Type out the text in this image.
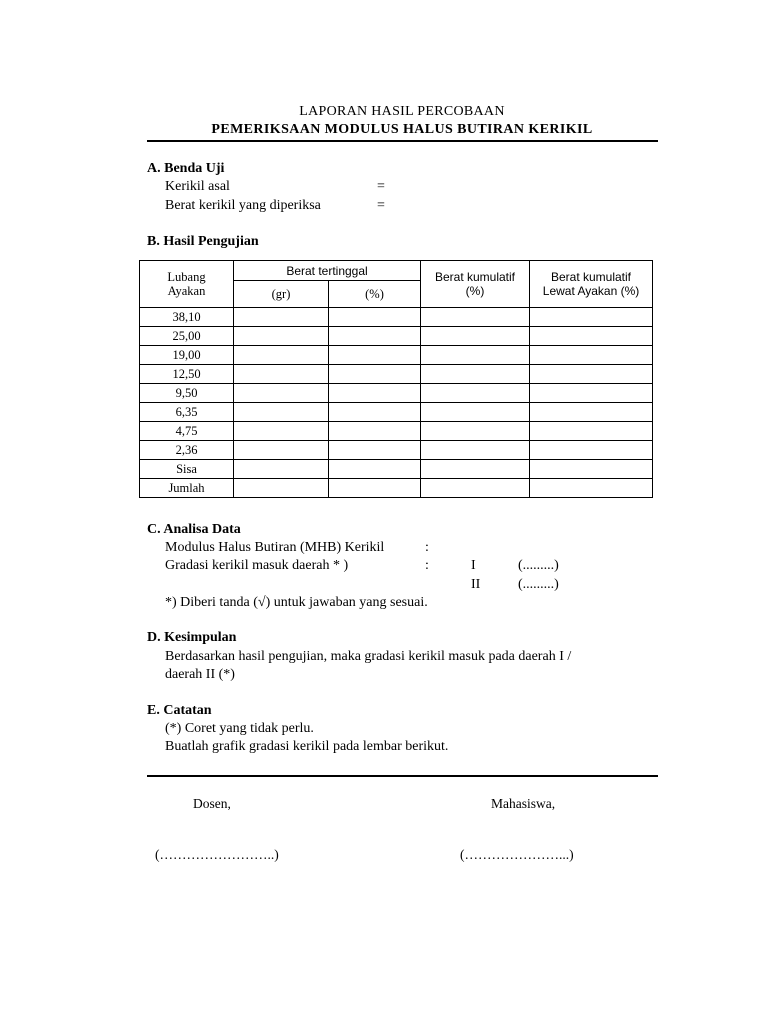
LAPORAN HASIL PERCOBAAN
PEMERIKSAAN MODULUS HALUS BUTIRAN KERIKIL
A. Benda Uji
Kerikil asal	=
Berat kerikil yang diperiksa	=
B. Hasil Pengujian
Lubang Ayakan	Berat tertinggal		Berat kumulatif (%)	Berat kumulatif Lewat Ayakan (%)
	(gr)	(%)		
38,10				
25,00				
19,00				
12,50				
9,50				
6,35				
4,75				
2,36				
Sisa				
Jumlah				
C. Analisa Data
Modulus Halus Butiran (MHB) Kerikil	:
Gradasi kerikil masuk daerah * )	:	I	(.........)
II	(.........)
*) Diberi tanda (√) untuk jawaban yang sesuai.
D. Kesimpulan
Berdasarkan hasil pengujian, maka gradasi kerikil masuk pada daerah I /
daerah II (*)
E. Catatan
(*) Coret yang tidak perlu.
Buatlah grafik gradasi kerikil pada lembar berikut.
Dosen,	Mahasiswa,
(……………………..)	(…………………...)
